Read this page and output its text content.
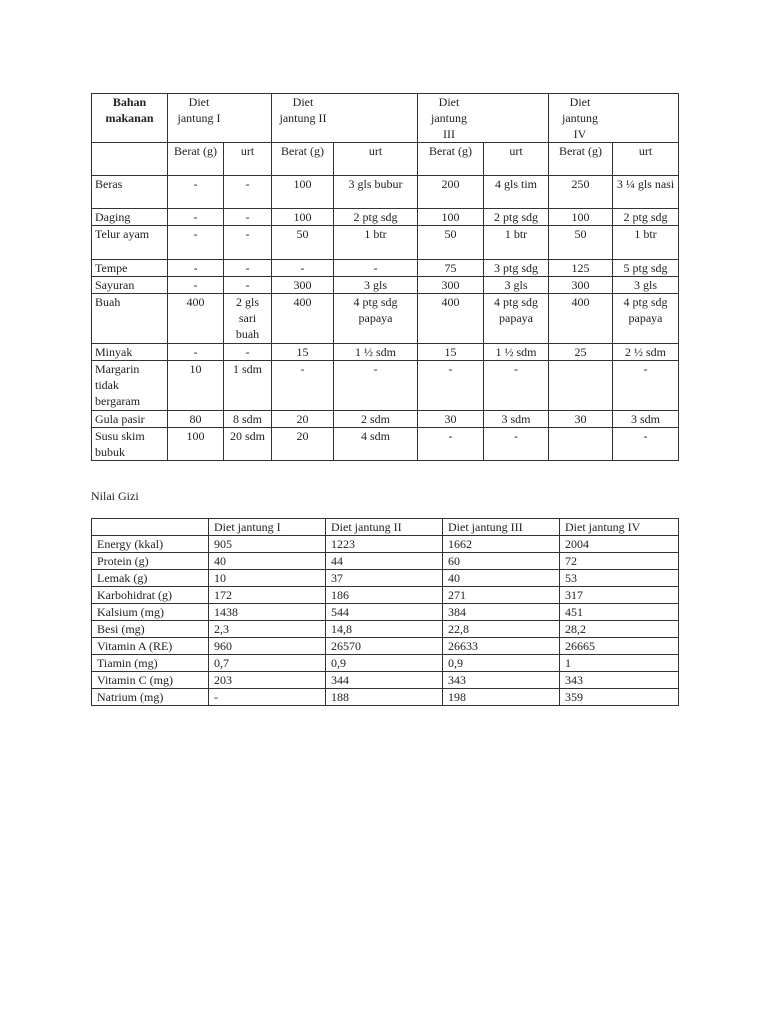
Bahan makanan	Diet jantung I		Diet jantung II		Diet jantung III		Diet jantung IV	

	Berat (g)	urt	Berat (g)	urt	Berat (g)	urt	Berat (g)	urt
Beras	-	-	100	3 gls bubur	200	4 gls tim	250	3 ¼ gls nasi
Daging	-	-	100	2 ptg sdg	100	2 ptg sdg	100	2 ptg sdg
Telur ayam	-	-	50	1 btr	50	1 btr	50	1 btr
Tempe	-	-	-	-	75	3 ptg sdg	125	5 ptg sdg
Sayuran	-	-	300	3 gls	300	3 gls	300	3 gls
Buah	400	2 gls sari buah	400	4 ptg sdg papaya	400	4 ptg sdg papaya	400	4 ptg sdg papaya
Minyak	-	-	15	1 ½ sdm	15	1 ½ sdm	25	2 ½ sdm
Margarin tidak bergaram	10	1 sdm	-	-	-	-		-
Gula pasir	80	8 sdm	20	2 sdm	30	3 sdm	30	3 sdm
Susu skim bubuk	100	20 sdm	20	4 sdm	-	-		-
Nilai Gizi
	Diet jantung I	Diet jantung II	Diet jantung III	Diet jantung IV
Energy (kkal)	905	1223	1662	2004
Protein (g)	40	44	60	72
Lemak (g)	10	37	40	53
Karbohidrat (g)	172	186	271	317
Kalsium (mg)	1438	544	384	451
Besi (mg)	2,3	14,8	22,8	28,2
Vitamin A (RE)	960	26570	26633	26665
Tiamin (mg)	0,7	0,9	0,9	1
Vitamin C (mg)	203	344	343	343
Natrium (mg)	-	188	198	359
